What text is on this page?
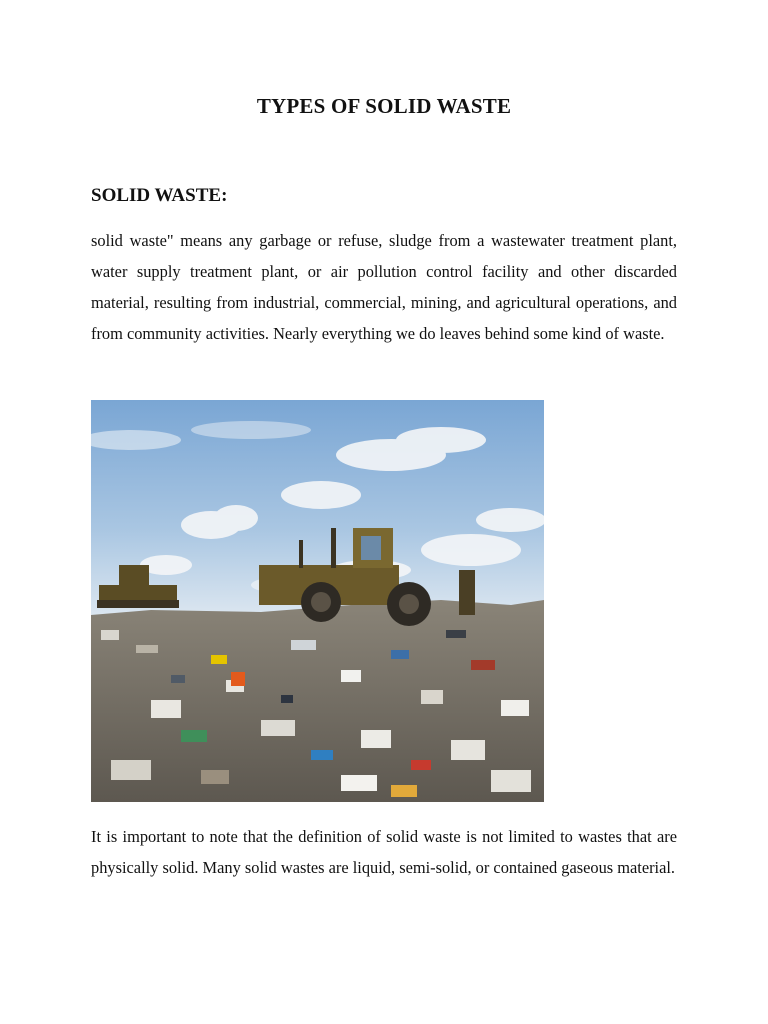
TYPES OF SOLID WASTE
SOLID WASTE:

solid waste" means any garbage or refuse, sludge from a wastewater treatment plant, water supply treatment plant, or air pollution control facility and other discarded material, resulting from industrial, commercial, mining, and agricultural operations, and from community activities. Nearly everything we do leaves behind some kind of waste.

It is important to note that the definition of solid waste is not limited to wastes that are physically solid. Many solid wastes are liquid, semi-solid, or contained gaseous material.
